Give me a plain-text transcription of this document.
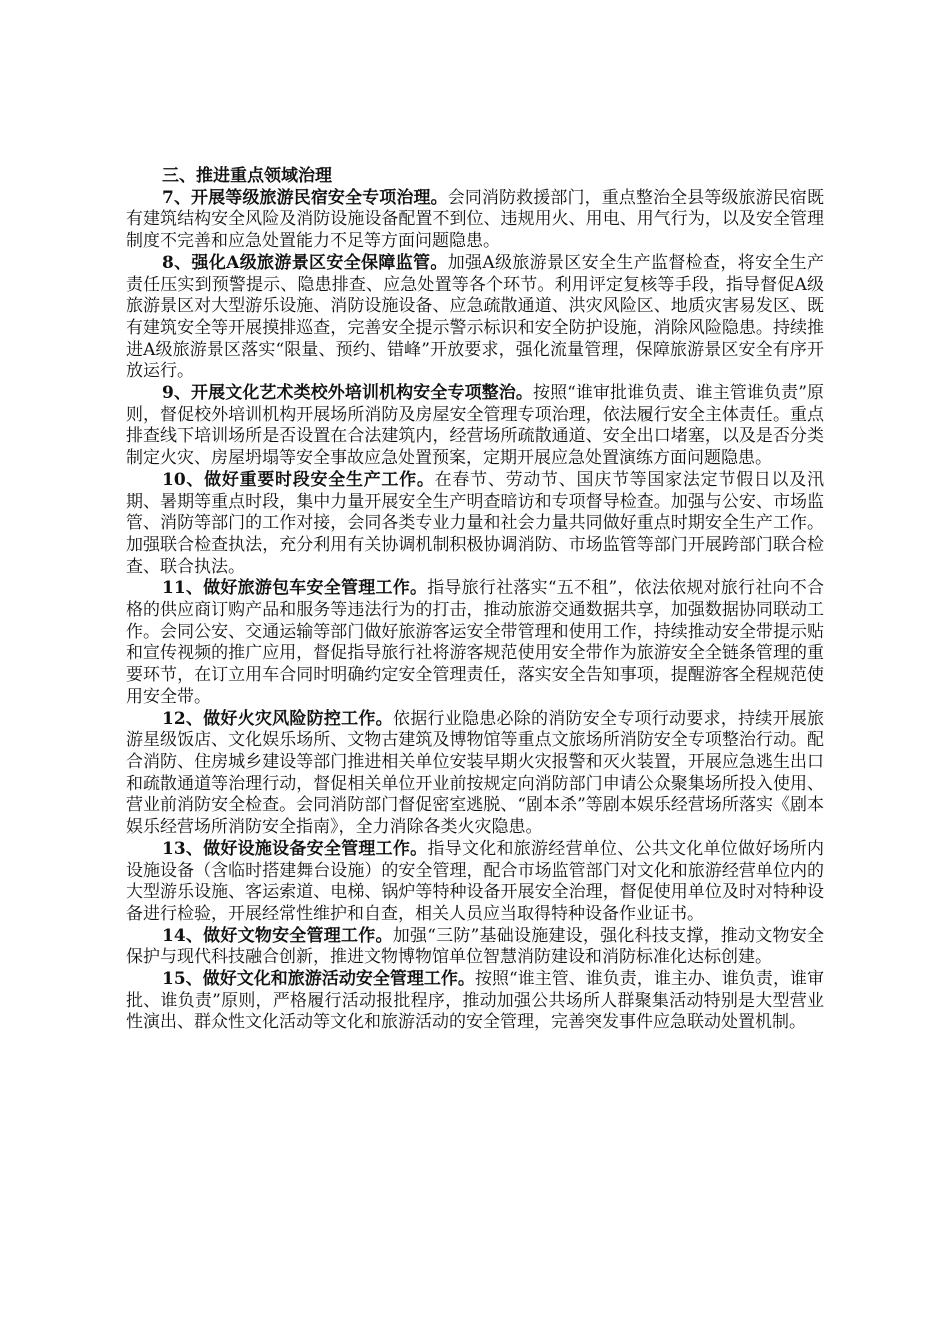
三、推进重点领域治理

7、开展等级旅游民宿安全专项治理。会同消防救援部门，重点整治全县等级旅游民宿既有建筑结构安全风险及消防设施设备配置不到位、违规用火、用电、用气行为，以及安全管理制度不完善和应急处置能力不足等方面问题隐患。

8、强化A级旅游景区安全保障监管。加强A级旅游景区安全生产监督检查，将安全生产责任压实到预警提示、隐患排查、应急处置等各个环节。利用评定复核等手段，指导督促A级旅游景区对大型游乐设施、消防设施设备、应急疏散通道、洪灾风险区、地质灾害易发区、既有建筑安全等开展摸排巡查，完善安全提示警示标识和安全防护设施，消除风险隐患。持续推进A级旅游景区落实“限量、预约、错峰”开放要求，强化流量管理，保障旅游景区安全有序开放运行。

9、开展文化艺术类校外培训机构安全专项整治。按照“谁审批谁负责、谁主管谁负责”原则，督促校外培训机构开展场所消防及房屋安全管理专项治理，依法履行安全主体责任。重点排查线下培训场所是否设置在合法建筑内，经营场所疏散通道、安全出口堵塞，以及是否分类制定火灾、房屋坍塌等安全事故应急处置预案，定期开展应急处置演练方面问题隐患。

10、做好重要时段安全生产工作。在春节、劳动节、国庆节等国家法定节假日以及汛期、暑期等重点时段，集中力量开展安全生产明查暗访和专项督导检查。加强与公安、市场监管、消防等部门的工作对接，会同各类专业力量和社会力量共同做好重点时期安全生产工作。加强联合检查执法，充分利用有关协调机制积极协调消防、市场监管等部门开展跨部门联合检查、联合执法。

11、做好旅游包车安全管理工作。指导旅行社落实“五不租”，依法依规对旅行社向不合格的供应商订购产品和服务等违法行为的打击，推动旅游交通数据共享，加强数据协同联动工作。会同公安、交通运输等部门做好旅游客运安全带管理和使用工作，持续推动安全带提示贴和宣传视频的推广应用，督促指导旅行社将游客规范使用安全带作为旅游安全全链条管理的重要环节，在订立用车合同时明确约定安全管理责任，落实安全告知事项，提醒游客全程规范使用安全带。

12、做好火灾风险防控工作。依据行业隐患必除的消防安全专项行动要求，持续开展旅游星级饭店、文化娱乐场所、文物古建筑及博物馆等重点文旅场所消防安全专项整治行动。配合消防、住房城乡建设等部门推进相关单位安装早期火灾报警和灭火装置，开展应急逃生出口和疏散通道等治理行动，督促相关单位开业前按规定向消防部门申请公众聚集场所投入使用、营业前消防安全检查。会同消防部门督促密室逃脱、“剧本杀”等剧本娱乐经营场所落实《剧本娱乐经营场所消防安全指南》，全力消除各类火灾隐患。

13、做好设施设备安全管理工作。指导文化和旅游经营单位、公共文化单位做好场所内设施设备（含临时搭建舞台设施）的安全管理，配合市场监管部门对文化和旅游经营单位内的大型游乐设施、客运索道、电梯、锅炉等特种设备开展安全治理，督促使用单位及时对特种设备进行检验，开展经常性维护和自查，相关人员应当取得特种设备作业证书。

14、做好文物安全管理工作。加强“三防”基础设施建设，强化科技支撑，推动文物安全保护与现代科技融合创新，推进文物博物馆单位智慧消防建设和消防标准化达标创建。

15、做好文化和旅游活动安全管理工作。按照“谁主管、谁负责，谁主办、谁负责，谁审批、谁负责”原则，严格履行活动报批程序，推动加强公共场所人群聚集活动特别是大型营业性演出、群众性文化活动等文化和旅游活动的安全管理，完善突发事件应急联动处置机制。
